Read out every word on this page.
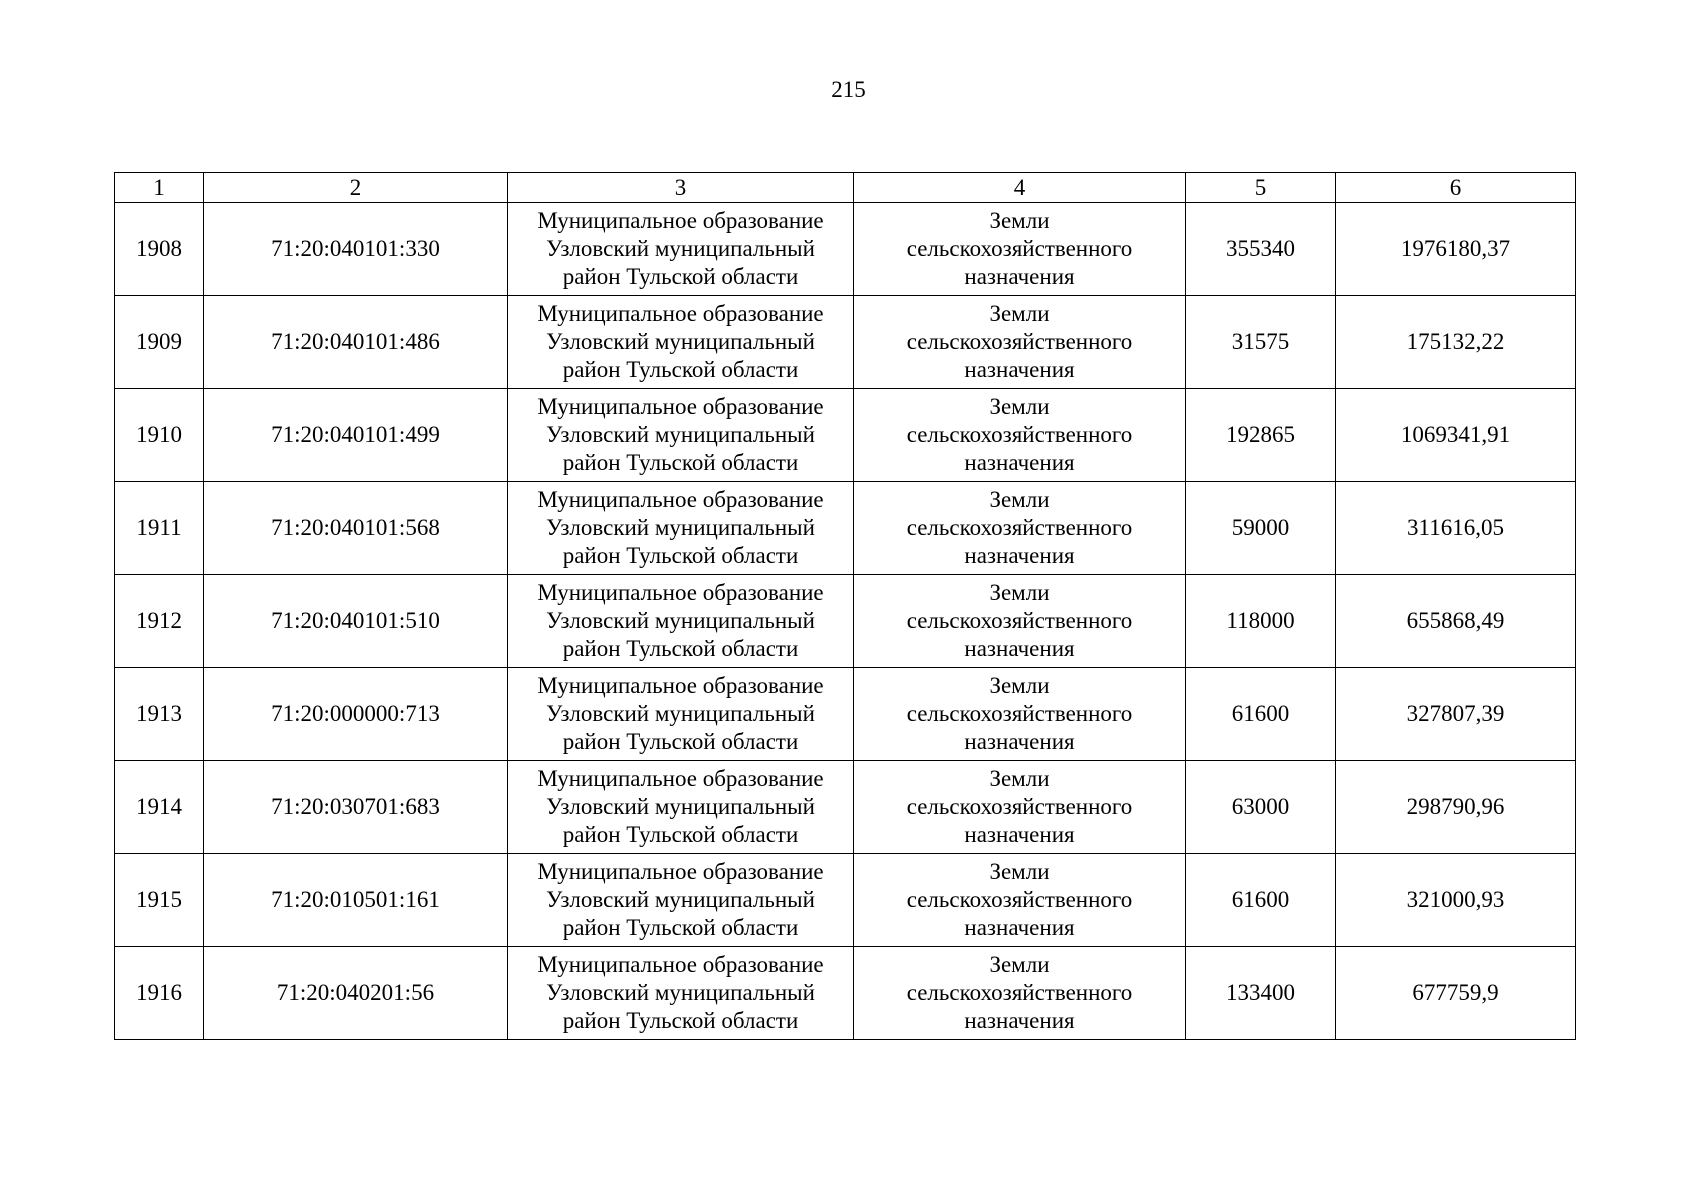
215
1	2	3	4	5	6
1908	71:20:040101:330	Муниципальное образование
Узловский муниципальный
район Тульской области	Земли
сельскохозяйственного
назначения	355340	1976180,37
1909	71:20:040101:486	Муниципальное образование
Узловский муниципальный
район Тульской области	Земли
сельскохозяйственного
назначения	31575	175132,22
1910	71:20:040101:499	Муниципальное образование
Узловский муниципальный
район Тульской области	Земли
сельскохозяйственного
назначения	192865	1069341,91
1911	71:20:040101:568	Муниципальное образование
Узловский муниципальный
район Тульской области	Земли
сельскохозяйственного
назначения	59000	311616,05
1912	71:20:040101:510	Муниципальное образование
Узловский муниципальный
район Тульской области	Земли
сельскохозяйственного
назначения	118000	655868,49
1913	71:20:000000:713	Муниципальное образование
Узловский муниципальный
район Тульской области	Земли
сельскохозяйственного
назначения	61600	327807,39
1914	71:20:030701:683	Муниципальное образование
Узловский муниципальный
район Тульской области	Земли
сельскохозяйственного
назначения	63000	298790,96
1915	71:20:010501:161	Муниципальное образование
Узловский муниципальный
район Тульской области	Земли
сельскохозяйственного
назначения	61600	321000,93
1916	71:20:040201:56	Муниципальное образование
Узловский муниципальный
район Тульской области	Земли
сельскохозяйственного
назначения	133400	677759,9
